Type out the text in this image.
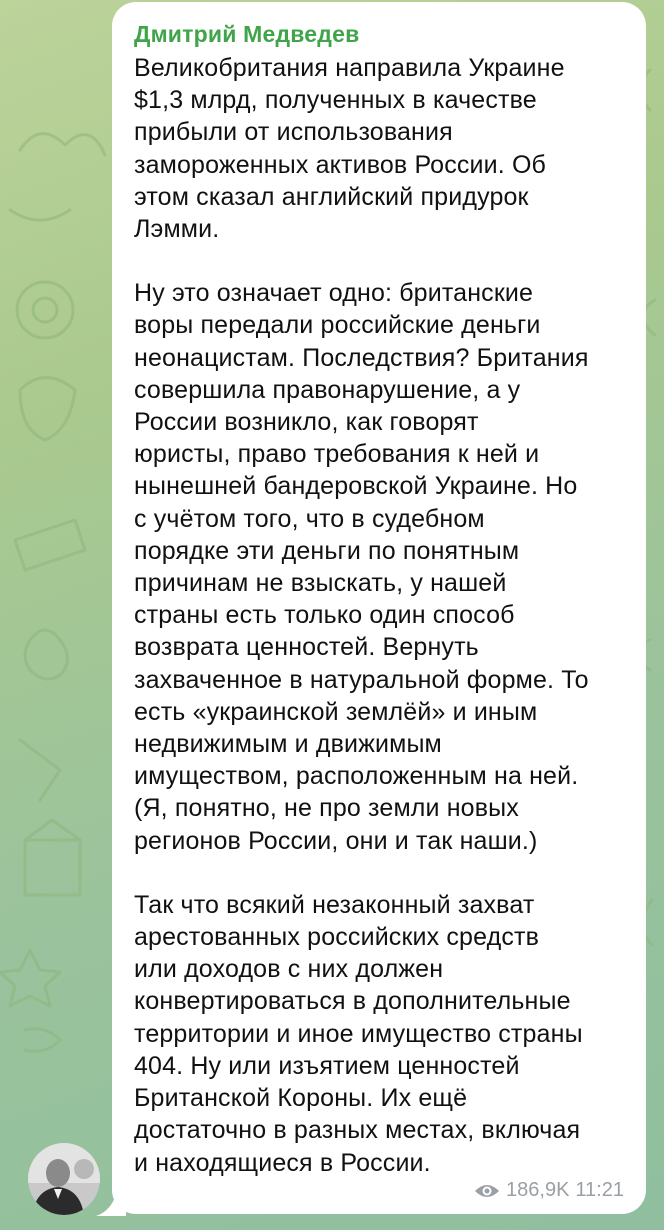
Дмитрий Медведев

Великобритания направила Украине
$1,3 млрд, полученных в качестве
прибыли от использования
замороженных активов России. Об
этом сказал английский придурок
Лэмми.

Ну это означает одно: британские
воры передали российские деньги
неонацистам. Последствия? Британия
совершила правонарушение, а у
России возникло, как говорят
юристы, право требования к ней и
нынешней бандеровской Украине. Но
с учётом того, что в судебном
порядке эти деньги по понятным
причинам не взыскать, у нашей
страны есть только один способ
возврата ценностей. Вернуть
захваченное в натуральной форме. То
есть «украинской землёй» и иным
недвижимым и движимым
имуществом, расположенным на ней.
(Я, понятно, не про земли новых
регионов России, они и так наши.)

Так что всякий незаконный захват
арестованных российских средств
или доходов с них должен
конвертироваться в дополнительные
территории и иное имущество страны
404. Ну или изъятием ценностей
Британской Короны. Их ещё
достаточно в разных местах, включая
и находящиеся в России.

186,9K 11:21
